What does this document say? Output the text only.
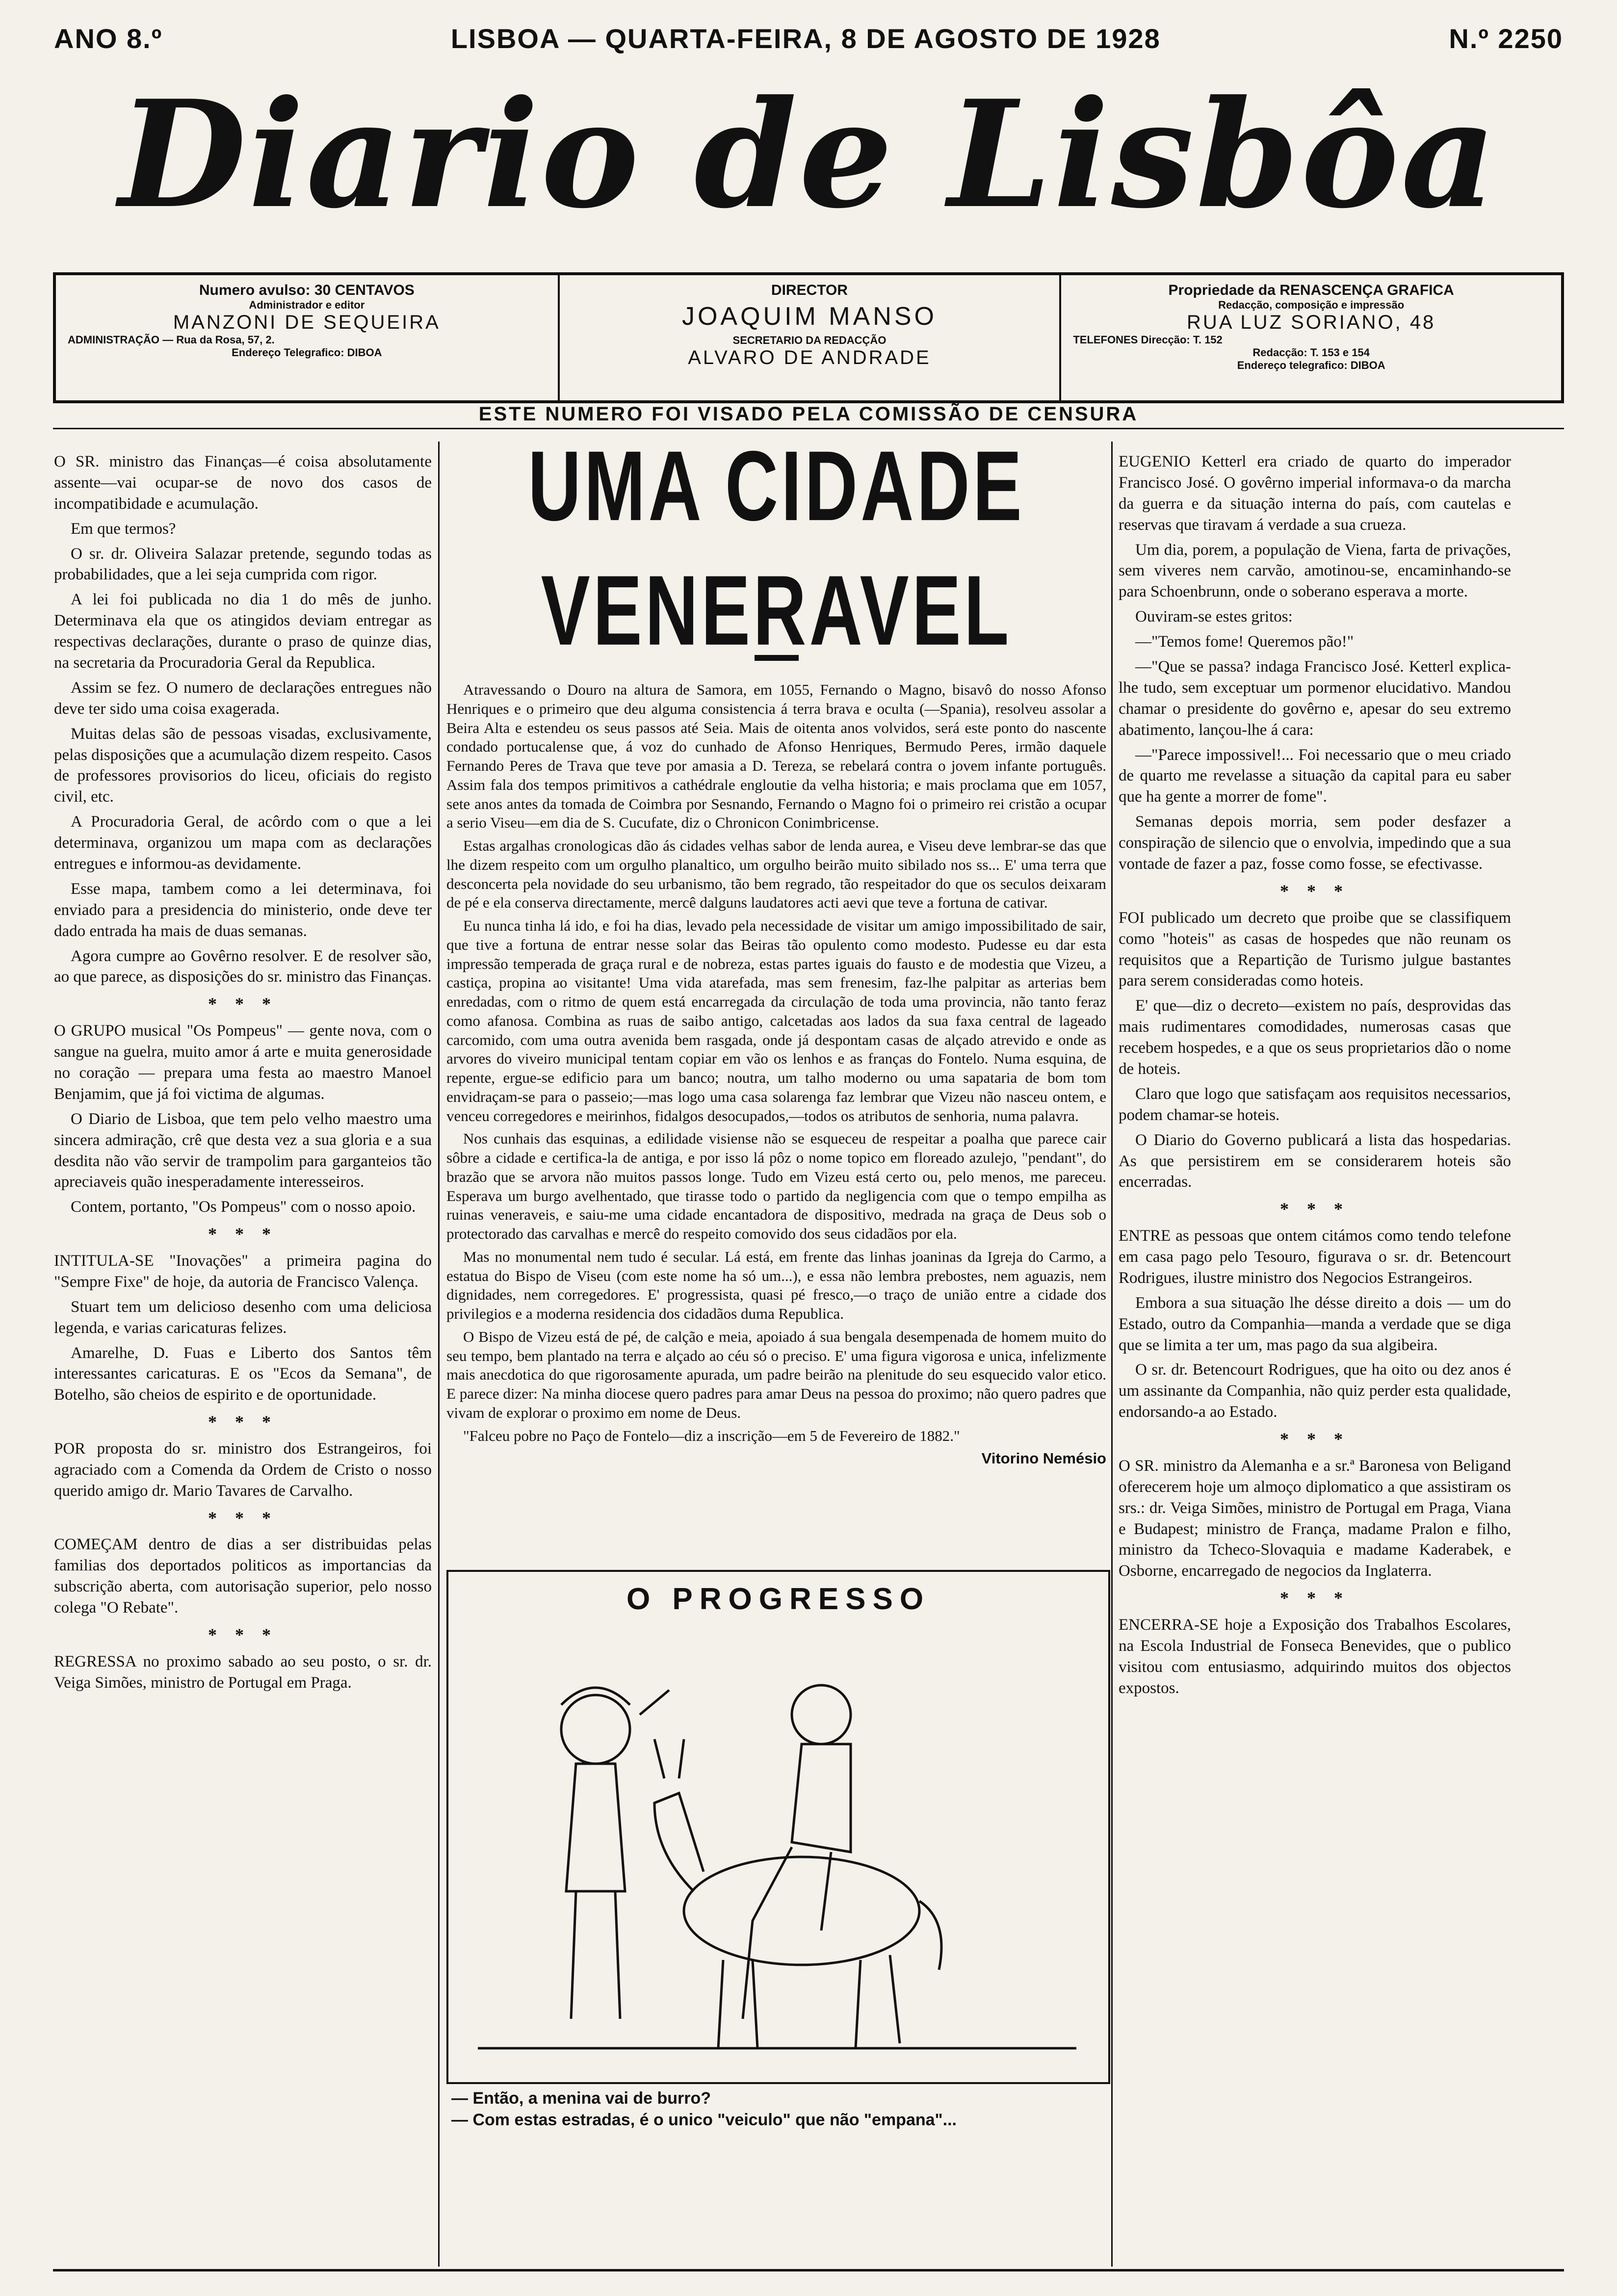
ANO 8.º	LISBOA — QUARTA-FEIRA, 8 DE AGOSTO DE 1928	N.º 2250
Diario de Lisbôa
Numero avulso: 30 CENTAVOS
Administrador e editor
MANZONI DE SEQUEIRA
ADMINISTRAÇÃO — Rua da Rosa, 57, 2.
Endereço Telegrafico: DIBOA
DIRECTOR
JOAQUIM MANSO
SECRETARIO DA REDACÇÃO
ALVARO DE ANDRADE
Propriedade da RENASCENÇA GRAFICA
Redacção, composição e impressão
RUA LUZ SORIANO, 48
TELEFONES Direcção: T. 152
Redacção: T. 153 e 154
Endereço telegrafico: DIBOA
ESTE NUMERO FOI VISADO PELA COMISSÃO DE CENSURA

O SR. ministro das Finanças—é coisa absolutamente assente—vai ocupar-se de novo dos casos de incompatibidade e acumulação.

Em que termos?

O sr. dr. Oliveira Salazar pretende, segundo todas as probabilidades, que a lei seja cumprida com rigor.

A lei foi publicada no dia 1 do mês de junho. Determinava ela que os atingidos deviam entregar as respectivas declarações, durante o praso de quinze dias, na secretaria da Procuradoria Geral da Republica.

Assim se fez. O numero de declarações entregues não deve ter sido uma coisa exagerada.

Muitas delas são de pessoas visadas, exclusivamente, pelas disposições que a acumulação dizem respeito. Casos de professores provisorios do liceu, oficiais do registo civil, etc.

A Procuradoria Geral, de acôrdo com o que a lei determinava, organizou um mapa com as declarações entregues e informou-as devidamente.

Esse mapa, tambem como a lei determinava, foi enviado para a presidencia do ministerio, onde deve ter dado entrada ha mais de duas semanas.

Agora cumpre ao Govêrno resolver. E de resolver são, ao que parece, as disposições do sr. ministro das Finanças.

* * *

O GRUPO musical "Os Pompeus" — gente nova, com o sangue na guelra, muito amor á arte e muita generosidade no coração — prepara uma festa ao maestro Manoel Benjamim, que já foi victima de algumas.

O Diario de Lisboa, que tem pelo velho maestro uma sincera admiração, crê que desta vez a sua gloria e a sua desdita não vão servir de trampolim para garganteios tão apreciaveis quão inesperadamente interesseiros.

Contem, portanto, "Os Pompeus" com o nosso apoio.

* * *

INTITULA-SE "Inovações" a primeira pagina do "Sempre Fixe" de hoje, da autoria de Francisco Valença.

Stuart tem um delicioso desenho com uma deliciosa legenda, e varias caricaturas felizes.

Amarelhe, D. Fuas e Liberto dos Santos têm interessantes caricaturas. E os "Ecos da Semana", de Botelho, são cheios de espirito e de oportunidade.

* * *

POR proposta do sr. ministro dos Estrangeiros, foi agraciado com a Comenda da Ordem de Cristo o nosso querido amigo dr. Mario Tavares de Carvalho.

* * *

COMEÇAM dentro de dias a ser distribuidas pelas familias dos deportados politicos as importancias da subscrição aberta, com autorisação superior, pelo nosso colega "O Rebate".

* * *

REGRESSA no proximo sabado ao seu posto, o sr. dr. Veiga Simões, ministro de Portugal em Praga.

UMA CIDADE VENERAVEL

Atravessando o Douro na altura de Samora, em 1055, Fernando o Magno, bisavô do nosso Afonso Henriques e o primeiro que deu alguma consistencia á terra brava e oculta (—Spania), resolveu assolar a Beira Alta e estendeu os seus passos até Seia. Mais de oitenta anos volvidos, será este ponto do nascente condado portucalense que, á voz do cunhado de Afonso Henriques, Bermudo Peres, irmão daquele Fernando Peres de Trava que teve por amasia a D. Tereza, se rebelará contra o jovem infante português. Assim fala dos tempos primitivos a cathédrale engloutie da velha historia; e mais proclama que em 1057, sete anos antes da tomada de Coimbra por Sesnando, Fernando o Magno foi o primeiro rei cristão a ocupar a serio Viseu—em dia de S. Cucufate, diz o Chronicon Conimbricense.

Estas argalhas cronologicas dão ás cidades velhas sabor de lenda aurea, e Viseu deve lembrar-se das que lhe dizem respeito com um orgulho planaltico, um orgulho beirão muito sibilado nos ss... E' uma terra que desconcerta pela novidade do seu urbanismo, tão bem regrado, tão respeitador do que os seculos deixaram de pé e ela conserva directamente, mercê dalguns laudatores acti aevi que teve a fortuna de cativar.

Eu nunca tinha lá ido, e foi ha dias, levado pela necessidade de visitar um amigo impossibilitado de sair, que tive a fortuna de entrar nesse solar das Beiras tão opulento como modesto. Pudesse eu dar esta impressão temperada de graça rural e de nobreza, estas partes iguais do fausto e de modestia que Vizeu, a castiça, propina ao visitante! Uma vida atarefada, mas sem frenesim, faz-lhe palpitar as arterias bem enredadas, com o ritmo de quem está encarregada da circulação de toda uma provincia, não tanto feraz como afanosa. Combina as ruas de saibo antigo, calcetadas aos lados da sua faxa central de lageado carcomido, com uma outra avenida bem rasgada, onde já despontam casas de alçado atrevido e onde as arvores do viveiro municipal tentam copiar em vão os lenhos e as franças do Fontelo. Numa esquina, de repente, ergue-se edificio para um banco; noutra, um talho moderno ou uma sapataria de bom tom envidraçam-se para o passeio;—mas logo uma casa solarenga faz lembrar que Vizeu não nasceu ontem, e venceu corregedores e meirinhos, fidalgos desocupados,—todos os atributos de senhoria, numa palavra.

Nos cunhais das esquinas, a edilidade visiense não se esqueceu de respeitar a poalha que parece cair sôbre a cidade e certifica-la de antiga, e por isso lá pôz o nome topico em floreado azulejo, "pendant", do brazão que se arvora não muitos passos longe. Tudo em Vizeu está certo ou, pelo menos, me pareceu. Esperava um burgo avelhentado, que tirasse todo o partido da negligencia com que o tempo empilha as ruinas veneraveis, e saiu-me uma cidade encantadora de dispositivo, medrada na graça de Deus sob o protectorado das carvalhas e mercê do respeito comovido dos seus cidadãos por ela.

Mas no monumental nem tudo é secular. Lá está, em frente das linhas joaninas da Igreja do Carmo, a estatua do Bispo de Viseu (com este nome ha só um...), e essa não lembra prebostes, nem aguazis, nem dignidades, nem corregedores. E' progressista, quasi pé fresco,—o traço de união entre a cidade dos privilegios e a moderna residencia dos cidadãos duma Republica.

O Bispo de Vizeu está de pé, de calção e meia, apoiado á sua bengala desempenada de homem muito do seu tempo, bem plantado na terra e alçado ao céu só o preciso. E' uma figura vigorosa e unica, infelizmente mais anecdotica do que rigorosamente apurada, um padre beirão na plenitude do seu esquecido valor etico. E parece dizer: Na minha diocese quero padres para amar Deus na pessoa do proximo; não quero padres que vivam de explorar o proximo em nome de Deus.

"Falceu pobre no Paço de Fontelo—diz a inscrição—em 5 de Fevereiro de 1882."

Vitorino Nemésio
O PROGRESSO
— Então, a menina vai de burro?
— Com estas estradas, é o unico "veiculo" que não "empana"...

EUGENIO Ketterl era criado de quarto do imperador Francisco José. O govêrno imperial informava-o da marcha da guerra e da situação interna do país, com cautelas e reservas que tiravam á verdade a sua crueza.

Um dia, porem, a população de Viena, farta de privações, sem viveres nem carvão, amotinou-se, encaminhando-se para Schoenbrunn, onde o soberano esperava a morte.

Ouviram-se estes gritos:

—"Temos fome! Queremos pão!"

—"Que se passa? indaga Francisco José. Ketterl explica-lhe tudo, sem exceptuar um pormenor elucidativo. Mandou chamar o presidente do govêrno e, apesar do seu extremo abatimento, lançou-lhe á cara:

—"Parece impossivel!... Foi necessario que o meu criado de quarto me revelasse a situação da capital para eu saber que ha gente a morrer de fome".

Semanas depois morria, sem poder desfazer a conspiração de silencio que o envolvia, impedindo que a sua vontade de fazer a paz, fosse como fosse, se efectivasse.

* * *

FOI publicado um decreto que proibe que se classifiquem como "hoteis" as casas de hospedes que não reunam os requisitos que a Repartição de Turismo julgue bastantes para serem consideradas como hoteis.

E' que—diz o decreto—existem no país, desprovidas das mais rudimentares comodidades, numerosas casas que recebem hospedes, e a que os seus proprietarios dão o nome de hoteis.

Claro que logo que satisfaçam aos requisitos necessarios, podem chamar-se hoteis.

O Diario do Governo publicará a lista das hospedarias. As que persistirem em se considerarem hoteis são encerradas.

* * *

ENTRE as pessoas que ontem citámos como tendo telefone em casa pago pelo Tesouro, figurava o sr. dr. Betencourt Rodrigues, ilustre ministro dos Negocios Estrangeiros.

Embora a sua situação lhe désse direito a dois — um do Estado, outro da Companhia—manda a verdade que se diga que se limita a ter um, mas pago da sua algibeira.

O sr. dr. Betencourt Rodrigues, que ha oito ou dez anos é um assinante da Companhia, não quiz perder esta qualidade, endorsando-a ao Estado.

* * *

O SR. ministro da Alemanha e a sr.ª Baronesa von Beligand oferecerem hoje um almoço diplomatico a que assistiram os srs.: dr. Veiga Simões, ministro de Portugal em Praga, Viana e Budapest; ministro de França, madame Pralon e filho, ministro da Tcheco-Slovaquia e madame Kaderabek, e Osborne, encarregado de negocios da Inglaterra.

* * *

ENCERRA-SE hoje a Exposição dos Trabalhos Escolares, na Escola Industrial de Fonseca Benevides, que o publico visitou com entusiasmo, adquirindo muitos dos objectos expostos.
